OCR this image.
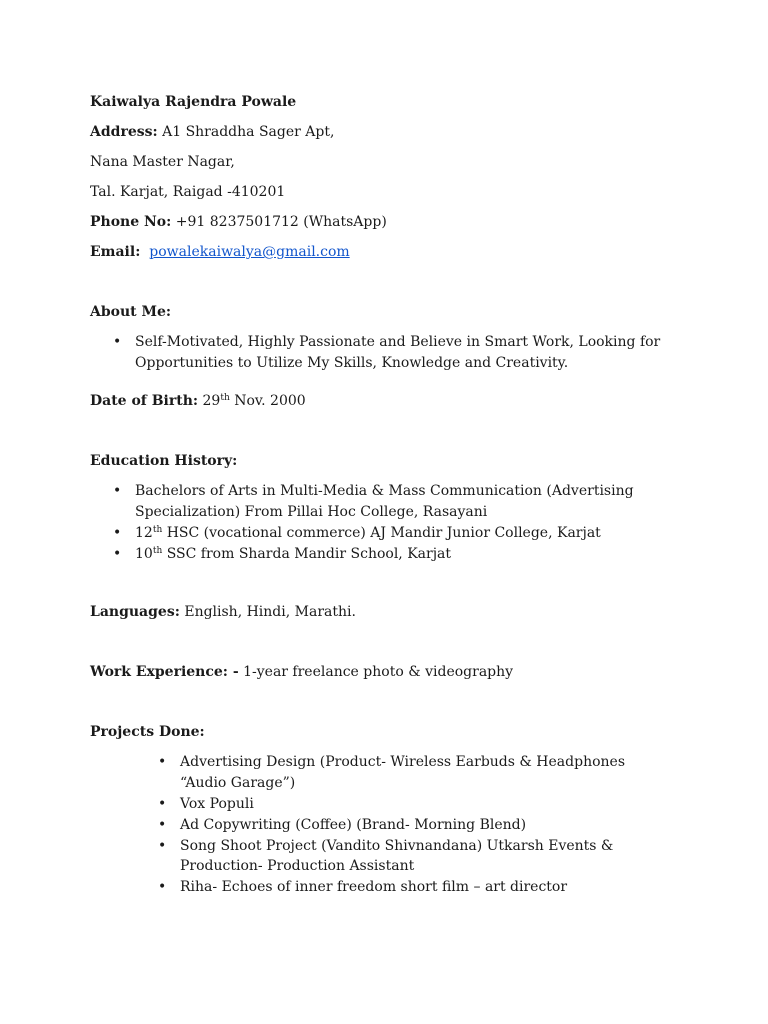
Kaiwalya Rajendra Powale
Address: A1 Shraddha Sager Apt,
Nana Master Nagar,
Tal. Karjat, Raigad -410201
Phone No: +91 8237501712 (WhatsApp)
Email: powalekaiwalya@gmail.com
About Me:
• Self-Motivated, Highly Passionate and Believe in Smart Work, Looking for Opportunities to Utilize My Skills, Knowledge and Creativity.
Date of Birth: 29th Nov. 2000
Education History:
• Bachelors of Arts in Multi-Media & Mass Communication (Advertising Specialization) From Pillai Hoc College, Rasayani
• 12th HSC (vocational commerce) AJ Mandir Junior College, Karjat
• 10th SSC from Sharda Mandir School, Karjat
Languages: English, Hindi, Marathi.
Work Experience: - 1-year freelance photo & videography
Projects Done:
• Advertising Design (Product- Wireless Earbuds & Headphones “Audio Garage”)
• Vox Populi
• Ad Copywriting (Coffee) (Brand- Morning Blend)
• Song Shoot Project (Vandito Shivnandana) Utkarsh Events & Production- Production Assistant
• Riha- Echoes of inner freedom short film – art director
